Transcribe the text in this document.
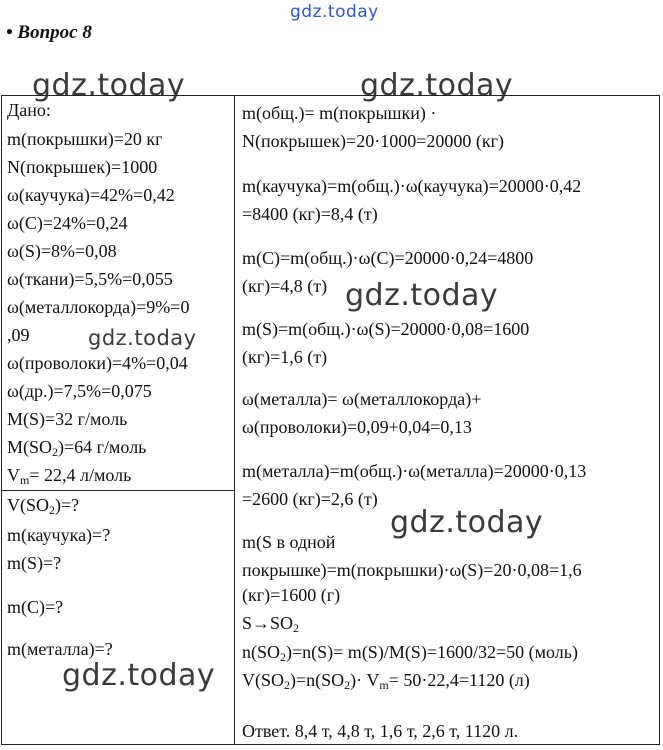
gdz.today
• Вопрос 8
gdz.today	gdz.today
Дано:
m(покрышки)=20 кг
N(покрышек)=1000
ω(каучука)=42%=0,42
ω(C)=24%=0,24
ω(S)=8%=0,08
ω(ткани)=5,5%=0,055
ω(металлокорда)=9%=0
,09
ω(проволоки)=4%=0,04
ω(др.)=7,5%=0,075
M(S)=32 г/моль
$M(SO_2)=64$ г/моль
$V_m= 22,4$ л/моль
$V(SO_2)=$?
m(каучука)=?
m(S)=?
m(C)=?
m(металла)=?
m(общ.)= m(покрышки) ·
N(покрышек)=20·1000=20000 (кг)
m(каучука)=m(общ.)·ω(каучука)=20000·0,42
=8400 (кг)=8,4 (т)
m(C)=m(общ.)·ω(C)=20000·0,24=4800
(кг)=4,8 (т)
m(S)=m(общ.)·ω(S)=20000·0,08=1600
(кг)=1,6 (т)
ω(металла)= ω(металлокорда)+
ω(проволоки)=0,09+0,04=0,13
m(металла)=m(общ.)·ω(металла)=20000·0,13
=2600 (кг)=2,6 (т)
m(S в одной
покрышке)=m(покрышки)·ω(S)=20·0,08=1,6
(кг)=1600 (г)
$S\to SO_2$
$n(SO_2)=n(S)= m(S)/M(S)=1600/32=50$ (моль)
$V(SO_2)=n(SO_2)\cdot V_m= 50\cdot 22,4=1120$ (л)
Ответ. 8,4 т, 4,8 т, 1,6 т, 2,6 т, 1120 л.
gdz.today
gdz.today
gdz.today
gdz.today
